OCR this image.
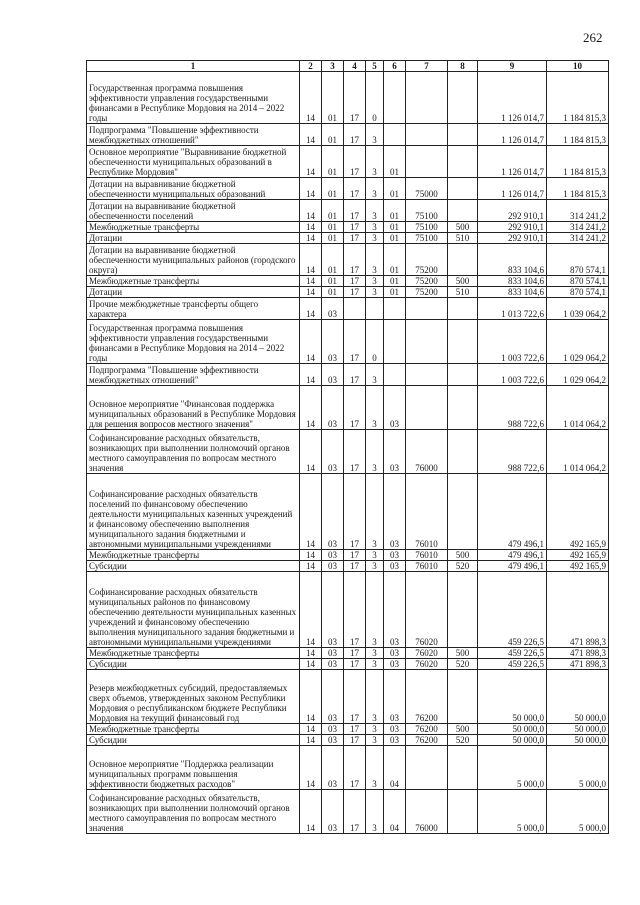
262
1	2	3	4	5	6	7	8	9	10
Государственная программа повышения эффективности управления государственными финансами в Республике Мордовия на 2014 – 2022 годы	14	01	17	0				1 126 014,7	1 184 815,3
Подпрограмма "Повышение эффективности межбюджетных отношений"	14	01	17	3				1 126 014,7	1 184 815,3
Основное мероприятие "Выравнивание бюджетной обеспеченности муниципальных образований в Республике Мордовия"	14	01	17	3	01			1 126 014,7	1 184 815,3
Дотации на выравнивание бюджетной обеспеченности муниципальных образований	14	01	17	3	01	75000		1 126 014,7	1 184 815,3
Дотации на выравнивание бюджетной обеспеченности поселений	14	01	17	3	01	75100		292 910,1	314 241,2
Межбюджетные трансферты	14	01	17	3	01	75100	500	292 910,1	314 241,2
Дотации	14	01	17	3	01	75100	510	292 910,1	314 241,2
Дотации на выравнивание бюджетной обеспеченности муниципальных районов (городского округа)	14	01	17	3	01	75200		833 104,6	870 574,1
Межбюджетные трансферты	14	01	17	3	01	75200	500	833 104,6	870 574,1
Дотации	14	01	17	3	01	75200	510	833 104,6	870 574,1
Прочие межбюджетные трансферты общего характера	14	03						1 013 722,6	1 039 064,2
Государственная программа повышения эффективности управления государственными финансами в Республике Мордовия на 2014 – 2022 годы	14	03	17	0				1 003 722,6	1 029 064,2
Подпрограмма "Повышение эффективности межбюджетных отношений"	14	03	17	3				1 003 722,6	1 029 064,2
Основное мероприятие "Финансовая поддержка муниципальных образований в Республике Мордовия для решения вопросов местного значения"	14	03	17	3	03			988 722,6	1 014 064,2
Софинансирование расходных обязательств, возникающих при выполнении полномочий органов местного самоуправления по вопросам местного значения	14	03	17	3	03	76000		988 722,6	1 014 064,2
Софинансирование расходных обязательств поселений по финансовому обеспечению деятельности муниципальных казенных учреждений и финансовому обеспечению выполнения муниципального задания бюджетными и автономными муниципальными учреждениями	14	03	17	3	03	76010		479 496,1	492 165,9
Межбюджетные трансферты	14	03	17	3	03	76010	500	479 496,1	492 165,9
Субсидии	14	03	17	3	03	76010	520	479 496,1	492 165,9
Софинансирование расходных обязательств муниципальных районов по финансовому обеспечению деятельности муниципальных казенных учреждений и финансовому обеспечению выполнения муниципального задания бюджетными и автономными муниципальными учреждениями	14	03	17	3	03	76020		459 226,5	471 898,3
Межбюджетные трансферты	14	03	17	3	03	76020	500	459 226,5	471 898,3
Субсидии	14	03	17	3	03	76020	520	459 226,5	471 898,3
Резерв межбюджетных субсидий, предоставляемых сверх объемов, утвержденных законом Республики Мордовия о республиканском бюджете Республики Мордовия на текущий финансовый год	14	03	17	3	03	76200		50 000,0	50 000,0
Межбюджетные трансферты	14	03	17	3	03	76200	500	50 000,0	50 000,0
Субсидии	14	03	17	3	03	76200	520	50 000,0	50 000,0
Основное мероприятие "Поддержка реализации муниципальных программ повышения эффективности бюджетных расходов"	14	03	17	3	04			5 000,0	5 000,0
Софинансирование расходных обязательств, возникающих при выполнении полномочий органов местного самоуправления по вопросам местного значения	14	03	17	3	04	76000		5 000,0	5 000,0
